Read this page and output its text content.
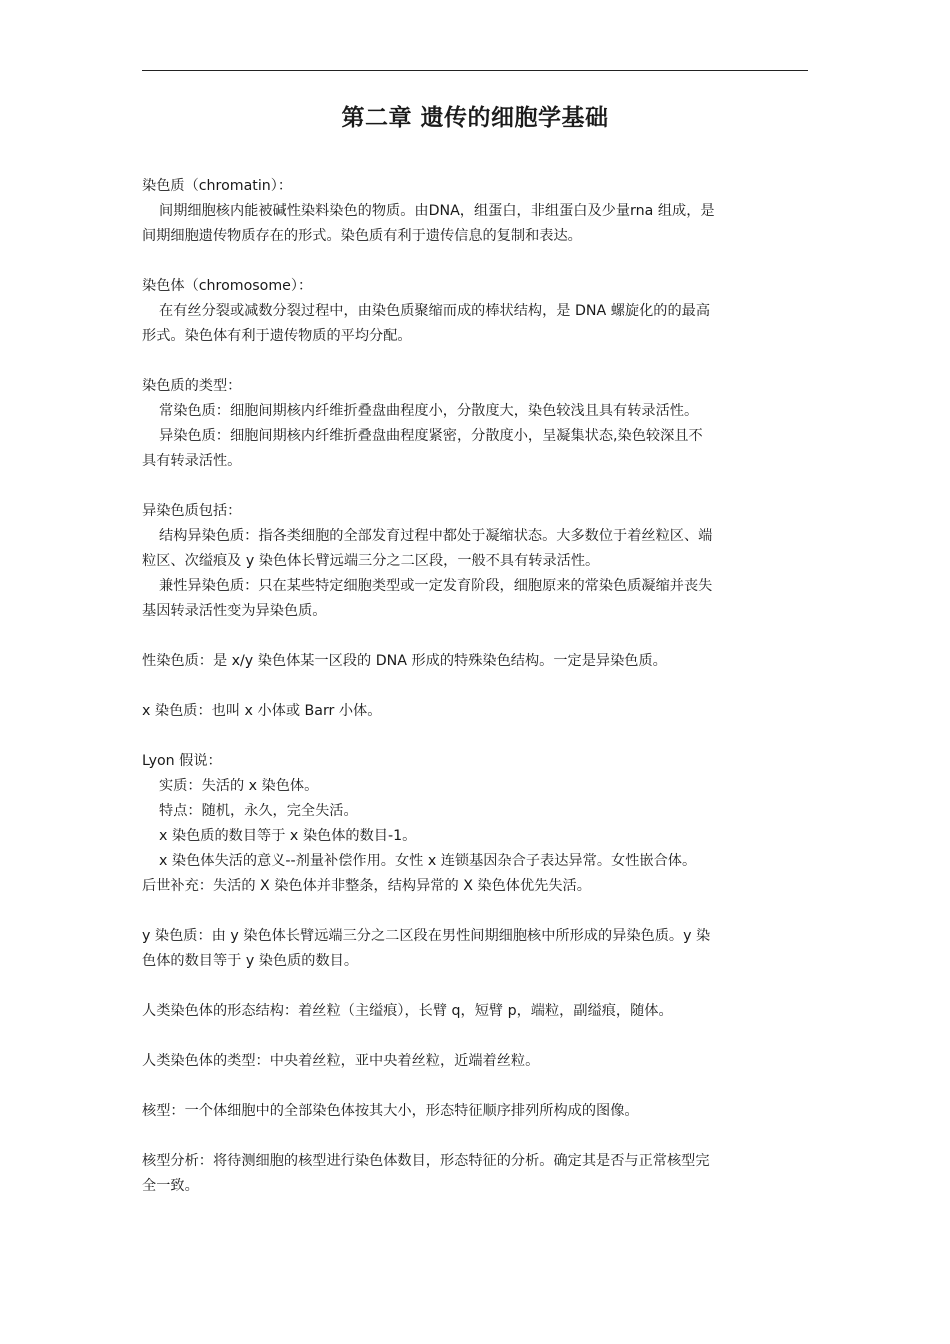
第二章 遗传的细胞学基础
染色质（chromatin）：
间期细胞核内能被碱性染料染色的物质。由DNA，组蛋白，非组蛋白及少量rna 组成，是
间期细胞遗传物质存在的形式。染色质有利于遗传信息的复制和表达。
染色体（chromosome）：
在有丝分裂或减数分裂过程中，由染色质聚缩而成的棒状结构，是 DNA 螺旋化的的最高
形式。染色体有利于遗传物质的平均分配。
染色质的类型：
常染色质：细胞间期核内纤维折叠盘曲程度小，分散度大，染色较浅且具有转录活性。
异染色质：细胞间期核内纤维折叠盘曲程度紧密，分散度小，呈凝集状态,染色较深且不
具有转录活性。
异染色质包括：
结构异染色质：指各类细胞的全部发育过程中都处于凝缩状态。大多数位于着丝粒区、端
粒区、次缢痕及 y 染色体长臂远端三分之二区段，一般不具有转录活性。
兼性异染色质：只在某些特定细胞类型或一定发育阶段，细胞原来的常染色质凝缩并丧失
基因转录活性变为异染色质。
性染色质：是 x/y 染色体某一区段的 DNA 形成的特殊染色结构。一定是异染色质。
x 染色质：也叫 x 小体或 Barr 小体。
Lyon 假说：
实质：失活的 x 染色体。
特点：随机，永久，完全失活。
x 染色质的数目等于 x 染色体的数目-1。
x 染色体失活的意义--剂量补偿作用。女性 x 连锁基因杂合子表达异常。女性嵌合体。
后世补充：失活的 X 染色体并非整条，结构异常的 X 染色体优先失活。
y 染色质：由 y 染色体长臂远端三分之二区段在男性间期细胞核中所形成的异染色质。y 染
色体的数目等于 y 染色质的数目。
人类染色体的形态结构：着丝粒（主缢痕），长臂 q，短臂 p，端粒，副缢痕，随体。
人类染色体的类型：中央着丝粒，亚中央着丝粒，近端着丝粒。
核型：一个体细胞中的全部染色体按其大小，形态特征顺序排列所构成的图像。
核型分析：将待测细胞的核型进行染色体数目，形态特征的分析。确定其是否与正常核型完
全一致。
